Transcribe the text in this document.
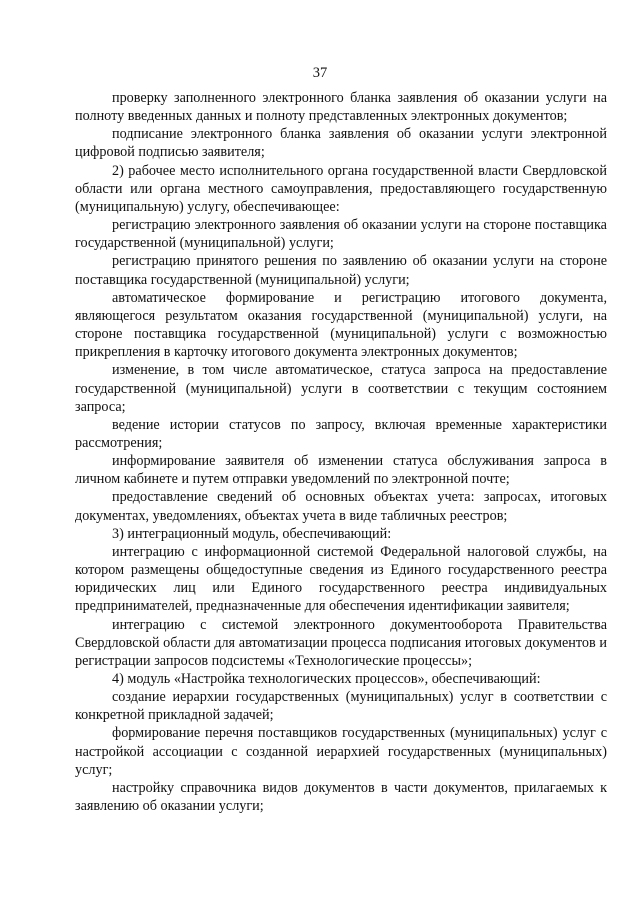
37

проверку заполненного электронного бланка заявления об оказании услуги на полноту введенных данных и полноту представленных электронных документов;

подписание электронного бланка заявления об оказании услуги электронной цифровой подписью заявителя;

2) рабочее место исполнительного органа государственной власти Свердловской области или органа местного самоуправления, предоставляющего государственную (муниципальную) услугу, обеспечивающее:

регистрацию электронного заявления об оказании услуги на стороне поставщика государственной (муниципальной) услуги;

регистрацию принятого решения по заявлению об оказании услуги на стороне поставщика государственной (муниципальной) услуги;

автоматическое формирование и регистрацию итогового документа, являющегося результатом оказания государственной (муниципальной) услуги, на стороне поставщика государственной (муниципальной) услуги с возможностью прикрепления в карточку итогового документа электронных документов;

изменение, в том числе автоматическое, статуса запроса на предоставление государственной (муниципальной) услуги в соответствии с текущим состоянием запроса;

ведение истории статусов по запросу, включая временные характеристики рассмотрения;

информирование заявителя об изменении статуса обслуживания запроса в личном кабинете и путем отправки уведомлений по электронной почте;

предоставление сведений об основных объектах учета: запросах, итоговых документах, уведомлениях, объектах учета в виде табличных реестров;

3) интеграционный модуль, обеспечивающий:

интеграцию с информационной системой Федеральной налоговой службы, на котором размещены общедоступные сведения из Единого государственного реестра юридических лиц или Единого государственного реестра индивидуальных предпринимателей, предназначенные для обеспечения идентификации заявителя;

интеграцию с системой электронного документооборота Правительства Свердловской области для автоматизации процесса подписания итоговых документов и регистрации запросов подсистемы «Технологические процессы»;

4) модуль «Настройка технологических процессов», обеспечивающий:

создание иерархии государственных (муниципальных) услуг в соответствии с конкретной прикладной задачей;

формирование перечня поставщиков государственных (муниципальных) услуг с настройкой ассоциации с созданной иерархией государственных (муниципальных) услуг;

настройку справочника видов документов в части документов, прилагаемых к заявлению об оказании услуги;
